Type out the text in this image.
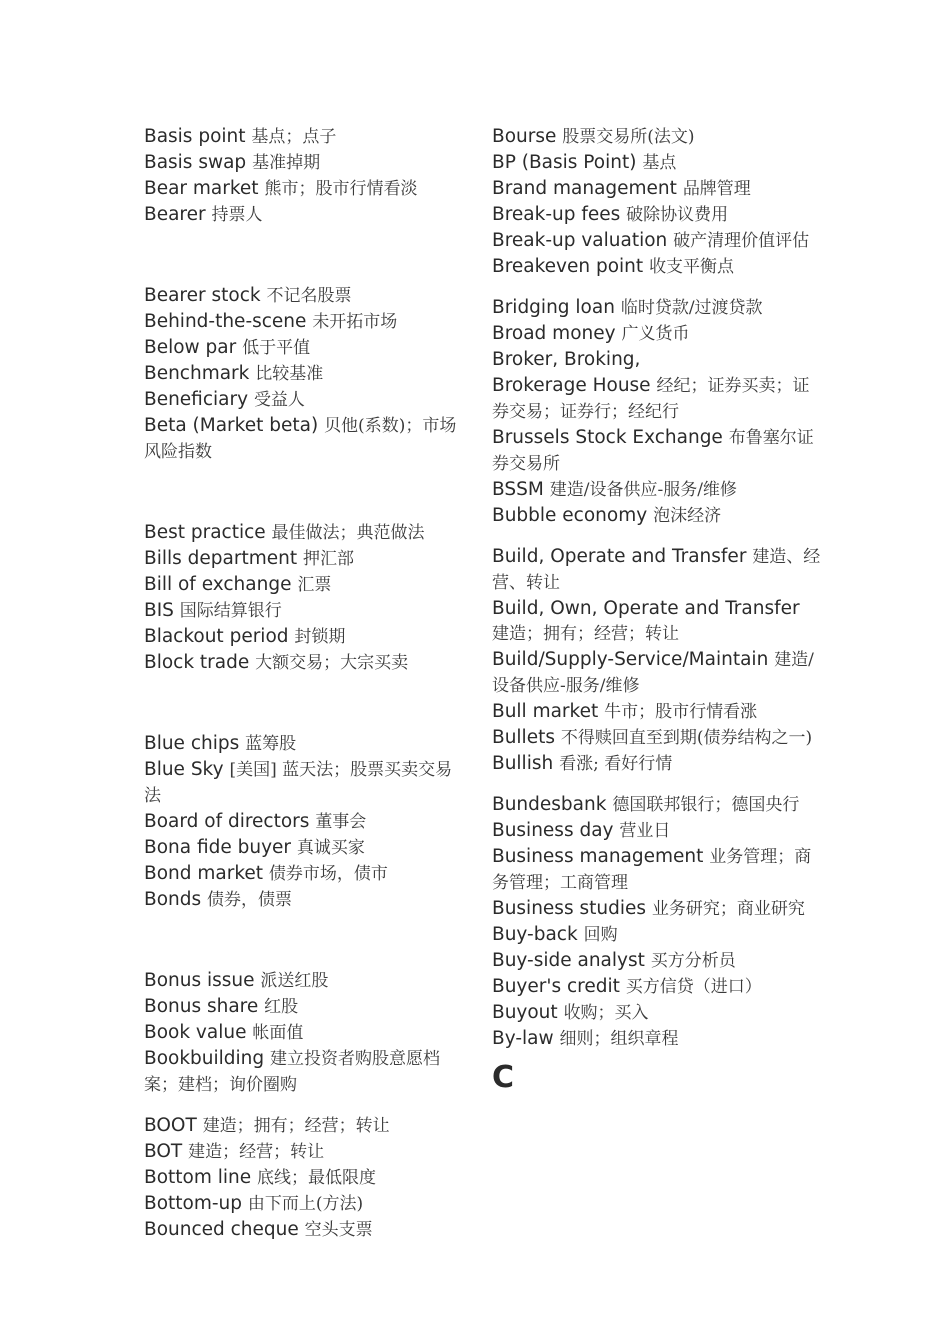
Basis point 基点；点子
Basis swap 基准掉期
Bear market 熊市；股市行情看淡
Bearer 持票人
Bearer stock 不记名股票
Behind-the-scene 未开拓市场
Below par 低于平值
Benchmark 比较基准
Beneficiary 受益人
Beta (Market beta) 贝他(系数)；市场风险指数
Best practice 最佳做法；典范做法
Bills department 押汇部
Bill of exchange 汇票
BIS 国际结算银行
Blackout period 封锁期
Block trade 大额交易；大宗买卖
Blue chips 蓝筹股
Blue Sky [美国] 蓝天法；股票买卖交易法
Board of directors 董事会
Bona fide buyer 真诚买家
Bond market 债券市场，债市
Bonds 债券，债票
Bonus issue 派送红股
Bonus share 红股
Book value 帐面值
Bookbuilding 建立投资者购股意愿档案；建档；询价圈购
BOOT 建造；拥有；经营；转让
BOT 建造；经营；转让
Bottom line 底线；最低限度
Bottom-up 由下而上(方法)
Bounced cheque 空头支票
Bourse 股票交易所(法文)
BP (Basis Point) 基点
Brand management 品牌管理
Break-up fees 破除协议费用
Break-up valuation 破产清理价值评估
Breakeven point 收支平衡点
Bridging loan 临时贷款/过渡贷款
Broad money 广义货币
Broker, Broking,
Brokerage House 经纪；证券买卖；证券交易；证券行；经纪行
Brussels Stock Exchange 布鲁塞尔证券交易所
BSSM 建造/设备供应-服务/维修
Bubble economy 泡沫经济
Build, Operate and Transfer 建造、经营、转让
Build, Own, Operate and Transfer 建造；拥有；经营；转让
Build/Supply-Service/Maintain 建造/设备供应-服务/维修
Bull market 牛市；股市行情看涨
Bullets 不得赎回直至到期(债券结构之一)
Bullish 看涨; 看好行情
Bundesbank 德国联邦银行；德国央行
Business day 营业日
Business management 业务管理；商务管理；工商管理
Business studies 业务研究；商业研究
Buy-back 回购
Buy-side analyst 买方分析员
Buyer's credit 买方信贷（进口）
Buyout 收购；买入
By-law 细则；组织章程
C
